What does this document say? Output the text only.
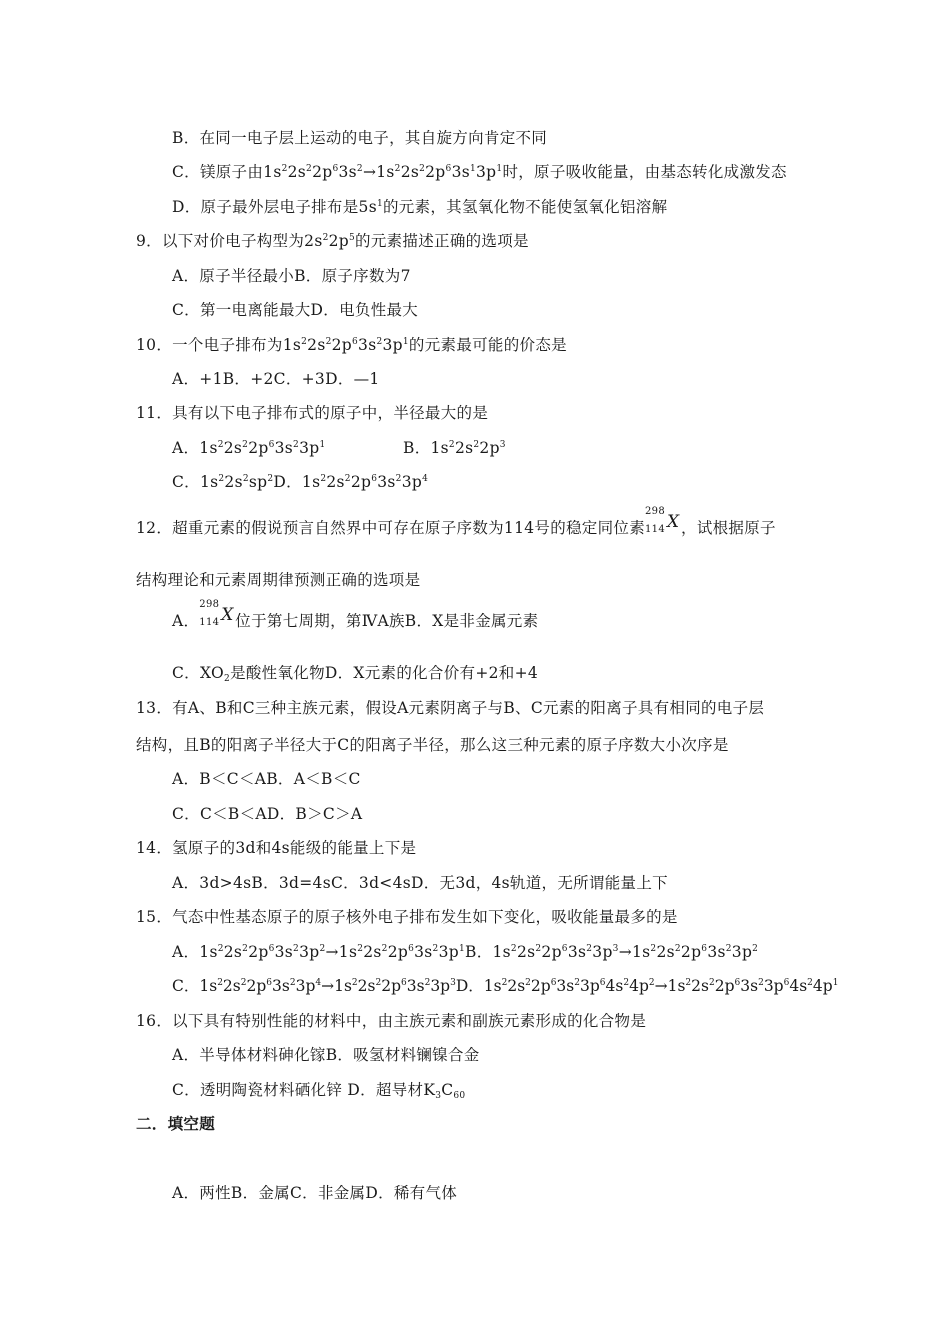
B．在同一电子层上运动的电子，其自旋方向肯定不同
C．镁原子由$1s^22s^22p^63s^2\to 1s^22s^22p^63s^13p^1$时，原子吸收能量，由基态转化成激发态
D．原子最外层电子排布是$5s^1$的元素，其氢氧化物不能使氢氧化铝溶解
9．以下对价电子构型为$2s^22p^5$的元素描述正确的选项是
A．原子半径最小B．原子序数为7
C．第一电离能最大D．电负性最大
10．一个电子排布为$1s^22s^22p^63s^23p^1$的元素最可能的价态是
A．+1B．+2C．+3D．—1
11．具有以下电子排布式的原子中，半径最大的是
A．$1s^22s^22p^63s^23p^1$	B．$1s^22s^22p^3$
C．$1s^22s^2sp^2D$．$1s^22s^22p^63s^23p^4$
12．超重元素的假说预言自然界中可存在原子序数为114号的稳定同位素
298
114 X ，试根据原子
结构理论和元素周期律预测正确的选项是
A．
298
114 X 位于第七周期，第ⅣA族B．X是非金属元素
C．$XO_2$是酸性氧化物D．X元素的化合价有+2和+4
13．有A、B和C三种主族元素，假设A元素阴离子与B、C元素的阳离子具有相同的电子层
结构，且B的阳离子半径大于C的阳离子半径，那么这三种元素的原子序数大小次序是
A．B＜C＜AB．A＜B＜C
C．C＜B＜AD．B＞C＞A
14．氢原子的3d和4s能级的能量上下是
A．3d>4sB．3d=4sC．3d<4sD．无3d，4s轨道，无所谓能量上下
15．气态中性基态原子的原子核外电子排布发生如下变化，吸收能量最多的是
A．$1s^22s^22p^63s^23p^2\to 1s^22s^22p^63s^23p^1B$．$1s^22s^22p^63s^23p^3\to 1s^22s^22p^63s^23p^2$
C．$1s^22s^22p^63s^23p^4\to 1s^22s^22p^63s^23p^3D$．$1s^22s^22p^63s^23p^64s^24p^2\to 1s^22s^22p^63s^23p^64s^24p^1$
16．以下具有特别性能的材料中，由主族元素和副族元素形成的化合物是
A．半导体材料砷化镓B．吸氢材料镧镍合金
C．透明陶瓷材料硒化锌 D．超导材$K_3C_{60}$
二．填空题
A．两性B．金属C．非金属D．稀有气体
